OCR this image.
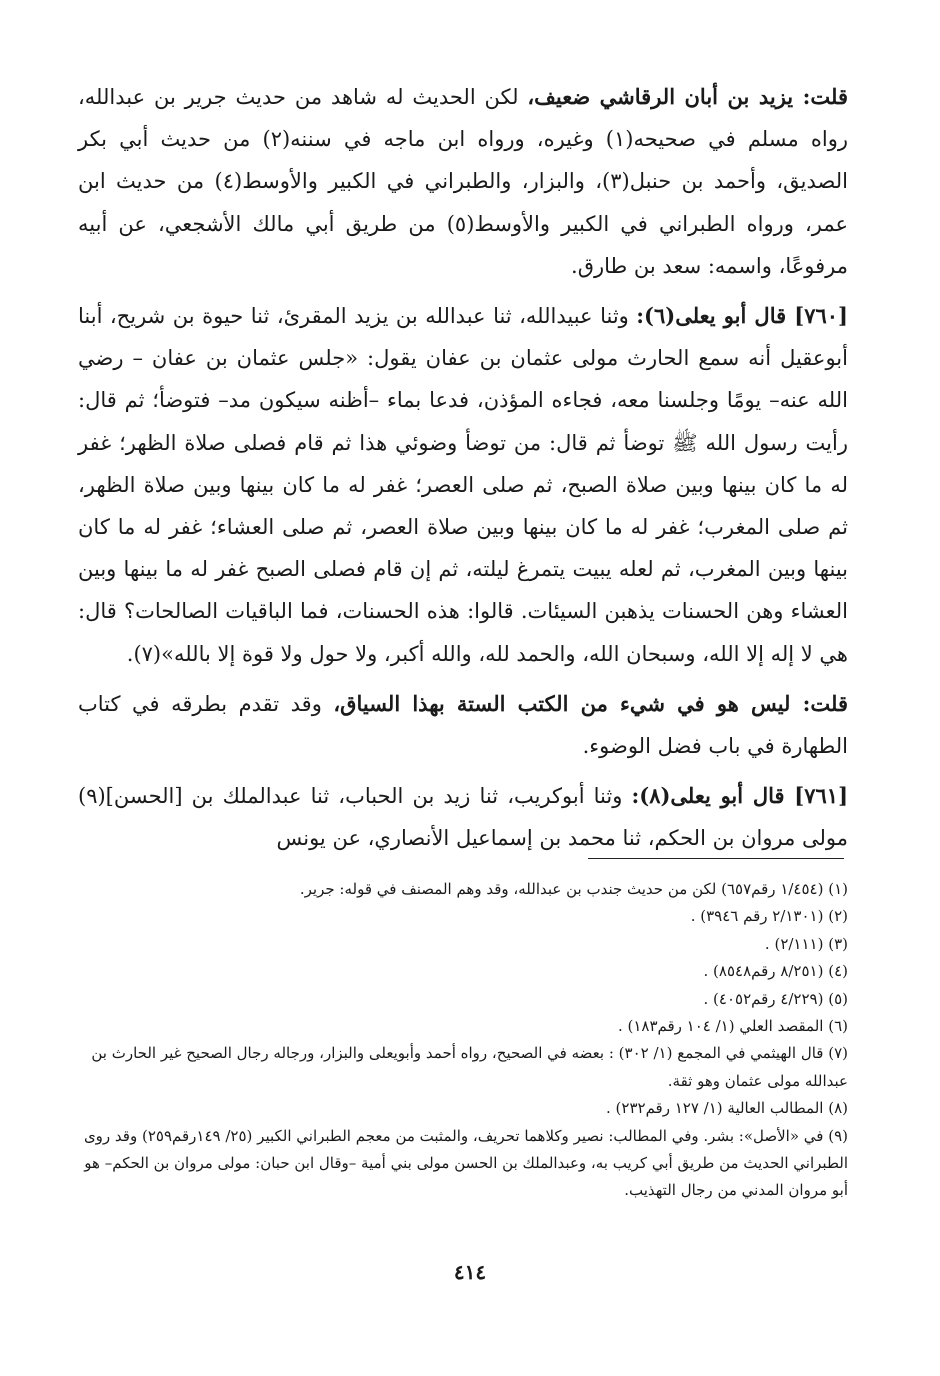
قلت: يزيد بن أبان الرقاشي ضعيف، لكن الحديث له شاهد من حديث جرير بن عبدالله، رواه مسلم في صحيحه(١) وغيره، ورواه ابن ماجه في سننه(٢) من حديث أبي بكر الصديق، وأحمد بن حنبل(٣)، والبزار، والطبراني في الكبير والأوسط(٤) من حديث ابن عمر، ورواه الطبراني في الكبير والأوسط(٥) من طريق أبي مالك الأشجعي، عن أبيه مرفوعًا، واسمه: سعد بن طارق.

[٧٦٠] قال أبو يعلى(٦): وثنا عبيدالله، ثنا عبدالله بن يزيد المقرئ، ثنا حيوة بن شريح، أبنا أبوعقيل أنه سمع الحارث مولى عثمان بن عفان يقول: «جلس عثمان بن عفان – رضي الله عنه– يومًا وجلسنا معه، فجاءه المؤذن، فدعا بماء –أظنه سيكون مد– فتوضأ؛ ثم قال: رأيت رسول الله ﷺ توضأ ثم قال: من توضأ وضوئي هذا ثم قام فصلى صلاة الظهر؛ غفر له ما كان بينها وبين صلاة الصبح، ثم صلى العصر؛ غفر له ما كان بينها وبين صلاة الظهر، ثم صلى المغرب؛ غفر له ما كان بينها وبين صلاة العصر، ثم صلى العشاء؛ غفر له ما كان بينها وبين المغرب، ثم لعله يبيت يتمرغ ليلته، ثم إن قام فصلى الصبح غفر له ما بينها وبين العشاء وهن الحسنات يذهبن السيئات. قالوا: هذه الحسنات، فما الباقيات الصالحات؟ قال: هي لا إله إلا الله، وسبحان الله، والحمد لله، والله أكبر، ولا حول ولا قوة إلا بالله»(٧).

قلت: ليس هو في شيء من الكتب الستة بهذا السياق، وقد تقدم بطرقه في كتاب الطهارة في باب فضل الوضوء.

[٧٦١] قال أبو يعلى(٨): وثنا أبوكريب، ثنا زيد بن الحباب، ثنا عبدالملك بن [الحسن](٩) مولى مروان بن الحكم، ثنا محمد بن إسماعيل الأنصاري، عن يونس

(١) (١/٤٥٤ رقم٦٥٧) لكن من حديث جندب بن عبدالله، وقد وهم المصنف في قوله: جرير.

(٢) (٢/١٣٠١ رقم ٣٩٤٦) .

(٣) (٢/١١١) .

(٤) (٨/٢٥١ رقم٨٥٤٨) .

(٥) (٤/٢٢٩ رقم٤٠٥٢) .

(٦) المقصد العلي (١/ ١٠٤ رقم١٨٣) .

(٧) قال الهيثمي في المجمع (١/ ٣٠٢) : بعضه في الصحيح، رواه أحمد وأبويعلى والبزار، ورجاله رجال الصحيح غير الحارث بن عبدالله مولى عثمان وهو ثقة.

(٨) المطالب العالية (١/ ١٢٧ رقم٢٣٢) .

(٩) في «الأصل»: بشر. وفي المطالب: نصير وكلاهما تحريف، والمثبت من معجم الطبراني الكبير (٢٥/ ١٤٩رقم٢٥٩) وقد روى الطبراني الحديث من طريق أبي كريب به، وعبدالملك بن الحسن مولى بني أمية –وقال ابن حبان: مولى مروان بن الحكم– هو أبو مروان المدني من رجال التهذيب.

٤١٤
